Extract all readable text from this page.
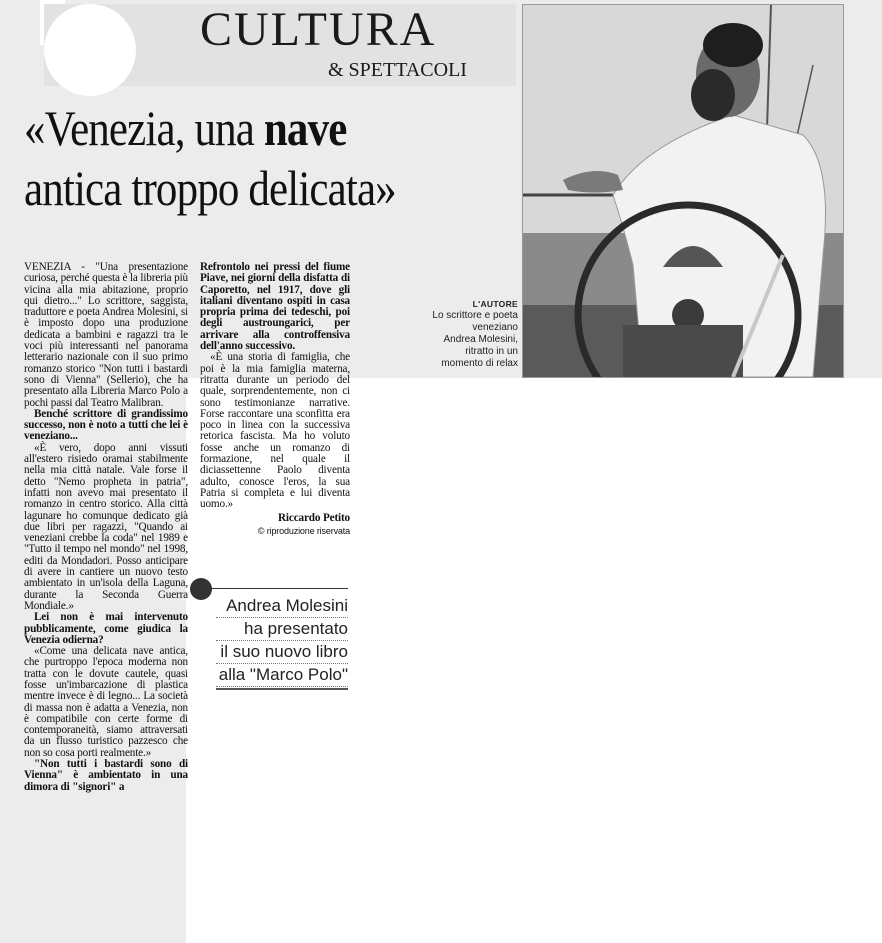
CULTURA
& SPETTACOLI
«Venezia, una nave
antica troppo delicata»
L'AUTORE
Lo scrittore e poeta
veneziano
Andrea Molesini,
ritratto in un
momento di relax

VENEZIA - "Una presentazione curiosa, perché questa è la libreria più vicina alla mia abitazione, proprio qui dietro..." Lo scrittore, saggista, traduttore e poeta Andrea Molesini, si è imposto dopo una produzione dedicata a bambini e ragazzi tra le voci più interessanti nel panorama letterario nazionale con il suo primo romanzo storico "Non tutti i bastardi sono di Vienna" (Sellerio), che ha presentato alla Libreria Marco Polo a pochi passi dal Teatro Malibran.

Benché scrittore di grandissimo successo, non è noto a tutti che lei è veneziano...

«È vero, dopo anni vissuti all'estero risiedo oramai stabilmente nella mia città natale. Vale forse il detto "Nemo propheta in patria", infatti non avevo mai presentato il romanzo in centro storico. Alla città lagunare ho comunque dedicato già due libri per ragazzi, "Quando ai veneziani crebbe la coda" nel 1989 e "Tutto il tempo nel mondo" nel 1998, editi da Mondadori. Posso anticipare di avere in cantiere un nuovo testo ambientato in un'isola della Laguna, durante la Seconda Guerra Mondiale.»

Lei non è mai intervenuto pubblicamente, come giudica la Venezia odierna?

«Come una delicata nave antica, che purtroppo l'epoca moderna non tratta con le dovute cautele, quasi fosse un'imbarcazione di plastica mentre invece è di legno... La società di massa non è adatta a Venezia, non è compatibile con certe forme di contemporaneità, siamo attraversati da un flusso turistico pazzesco che non so cosa porti realmente.»

"Non tutti i bastardi sono di Vienna" è ambientato in una dimora di "signori" a

Refrontolo nei pressi del fiume Piave, nei giorni della disfatta di Caporetto, nel 1917, dove gli italiani diventano ospiti in casa propria prima dei tedeschi, poi degli austroungarici, per arrivare alla controffensiva dell'anno successivo.

«È una storia di famiglia, che poi è la mia famiglia materna, ritratta durante un periodo del quale, sorprendentemente, non ci sono testimonianze narrative. Forse raccontare una sconfitta era poco in linea con la successiva retorica fascista. Ma ho voluto fosse anche un romanzo di formazione, nel quale il diciassettenne Paolo diventa adulto, conosce l'eros, la sua Patria si completa e lui diventa uomo.»

Riccardo Petito

© riproduzione riservata

Andrea Molesini
ha presentato
il suo nuovo libro
alla "Marco Polo"
